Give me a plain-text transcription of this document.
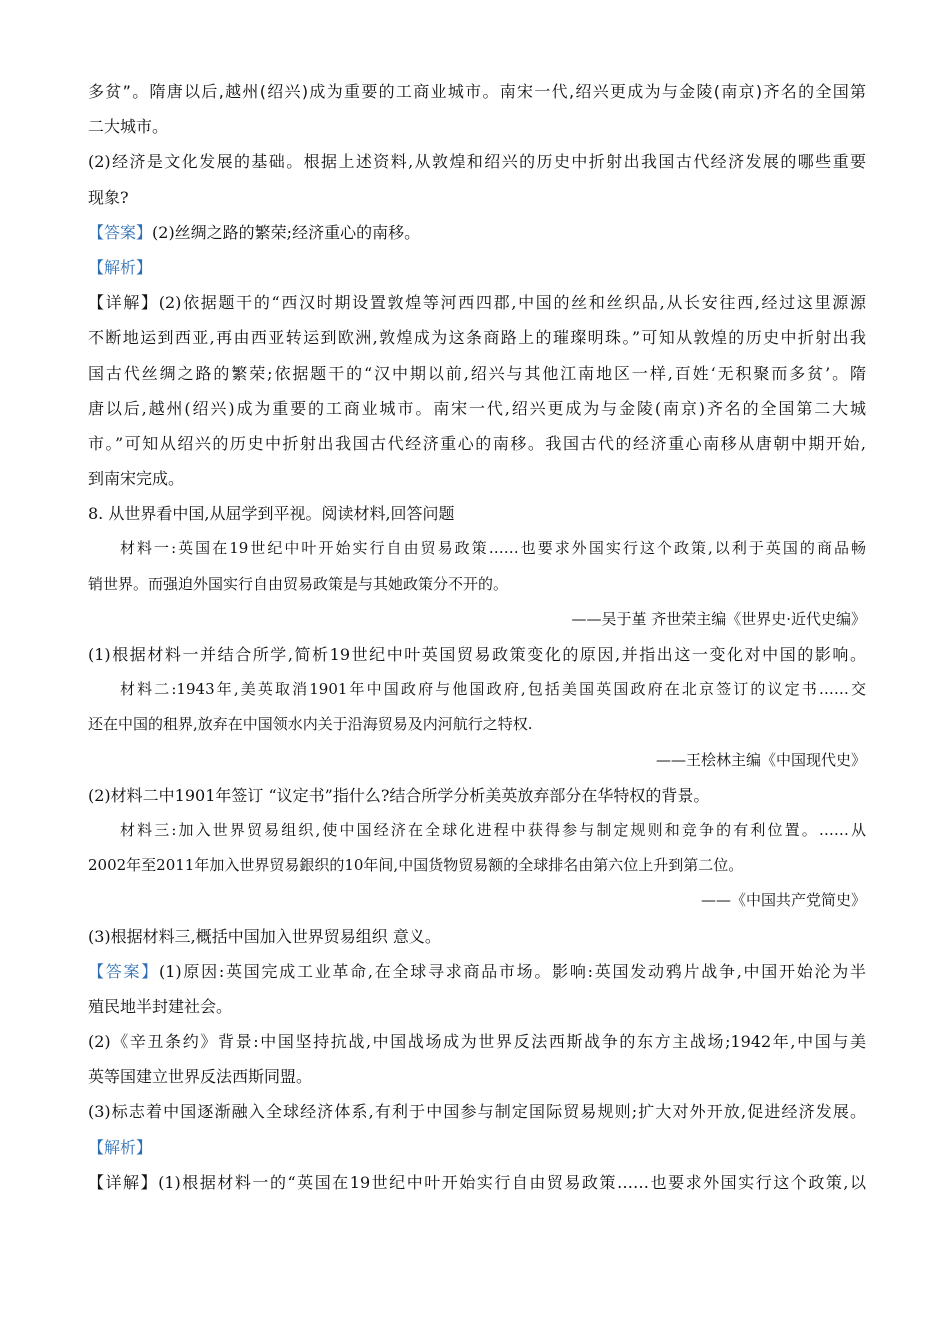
多贫”。隋唐以后,越州(绍兴)成为重要的工商业城市。南宋一代,绍兴更成为与金陵(南京)齐名的全国第
二大城市。
(2)经济是文化发展的基础。根据上述资料,从敦煌和绍兴的历史中折射出我国古代经济发展的哪些重要
现象?
【答案】(2)丝绸之路的繁荣;经济重心的南移。
【解析】
【详解】(2)依据题干的“西汉时期设置敦煌等河西四郡,中国的丝和丝织品,从长安往西,经过这里源源
不断地运到西亚,再由西亚转运到欧洲,敦煌成为这条商路上的璀璨明珠。”可知从敦煌的历史中折射出我
国古代丝绸之路的繁荣;依据题干的“汉中期以前,绍兴与其他江南地区一样,百姓‘无积聚而多贫’。隋
唐以后,越州(绍兴)成为重要的工商业城市。南宋一代,绍兴更成为与金陵(南京)齐名的全国第二大城
市。”可知从绍兴的历史中折射出我国古代经济重心的南移。我国古代的经济重心南移从唐朝中期开始,
到南宋完成。
8. 从世界看中国,从屈学到平视。阅读材料,回答问题
材料一:英国在19世纪中叶开始实行自由贸易政策……也要求外国实行这个政策,以利于英国的商品畅
销世界。而强迫外国实行自由贸易政策是与其她政策分不开的。
——吴于堇 齐世荣主编《世界史·近代史编》
(1)根据材料一并结合所学,简析19世纪中叶英国贸易政策变化的原因,并指出这一变化对中国的影响。
材料二:1943年,美英取消1901年中国政府与他国政府,包括美国英国政府在北京签订的议定书……交
还在中国的租界,放弃在中国领水内关于沿海贸易及内河航行之特权.
——王桧林主编《中国现代史》
(2)材料二中1901年签订 “议定书”指什么?结合所学分析美英放弃部分在华特权的背景。
材料三:加入世界贸易组织,使中国经济在全球化进程中获得参与制定规则和竞争的有利位置。……从
2002年至2011年加入世界贸易銀织的10年间,中国货物贸易额的全球排名由第六位上升到第二位。
——《中国共产党简史》
(3)根据材料三,概括中国加入世界贸易组织 意义。
【答案】(1)原因:英国完成工业革命,在全球寻求商品市场。影响:英国发动鸦片战争,中国开始沦为半
殖民地半封建社会。
(2)《辛丑条约》背景:中国坚持抗战,中国战场成为世界反法西斯战争的东方主战场;1942年,中国与美
英等国建立世界反法西斯同盟。
(3)标志着中国逐渐融入全球经济体系,有利于中国参与制定国际贸易规则;扩大对外开放,促进经济发展。
【解析】
【详解】(1)根据材料一的“英国在19世纪中叶开始实行自由贸易政策……也要求外国实行这个政策,以
